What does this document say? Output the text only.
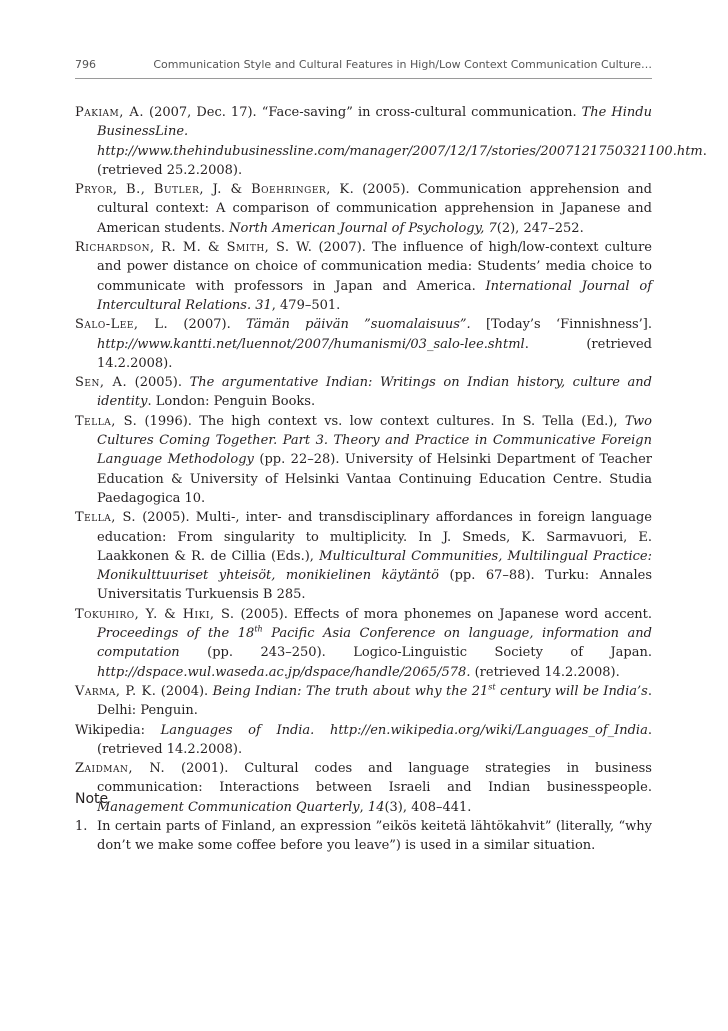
796	Communication Style and Cultural Features in High/Low Context Communication Culture…
Pakiam, A. (2007, Dec. 17). “Face-saving” in cross-cultural communication. The Hindu BusinessLine. http://www.thehindubusinessline.com/manager/2007/12/17/stories/2007121750321100.htm. (retrieved 25.2.2008).
Pryor, B., Butler, J. & Boehringer, K. (2005). Communication apprehension and cultural context: A comparison of communication apprehension in Japanese and American students. North American Journal of Psychology, 7(2), 247–252.
Richardson, R. M. & Smith, S. W. (2007). The influence of high/low-context culture and power distance on choice of communication media: Students’ media choice to communicate with professors in Japan and America. International Journal of Intercultural Relations. 31, 479–501.
Salo-Lee, L. (2007). Tämän päivän ”suomalaisuus”. [Today’s ‘Finnishness’]. http://www.kantti.net/luennot/2007/humanismi/03_salo-lee.shtml. (retrieved 14.2.2008).
Sen, A. (2005). The argumentative Indian: Writings on Indian history, culture and identity. London: Penguin Books.
Tella, S. (1996). The high context vs. low context cultures. In S. Tella (Ed.), Two Cultures Coming Together. Part 3. Theory and Practice in Communicative Foreign Language Methodology (pp. 22–28). University of Helsinki Department of Teacher Education & University of Helsinki Vantaa Continuing Education Centre. Studia Paedagogica 10.
Tella, S. (2005). Multi-, inter- and transdisciplinary affordances in foreign language education: From singularity to multiplicity. In J. Smeds, K. Sarmavuori, E. Laakkonen & R. de Cillia (Eds.), Multicultural Communities, Multilingual Practice: Monikulttuuriset yhteisöt, monikielinen käytäntö (pp. 67–88). Turku: Annales Universitatis Turkuensis B 285.
Tokuhiro, Y. & Hiki, S. (2005). Effects of mora phonemes on Japanese word accent. Proceedings of the 18th Pacific Asia Conference on language, information and computation (pp. 243–250). Logico-Linguistic Society of Japan. http://dspace.wul.waseda.ac.jp/dspace/handle/2065/578. (retrieved 14.2.2008).
Varma, P. K. (2004). Being Indian: The truth about why the 21st century will be India’s. Delhi: Penguin.
Wikipedia: Languages of India. http://en.wikipedia.org/wiki/Languages_of_India. (retrieved 14.2.2008).
Zaidman, N. (2001). Cultural codes and language strategies in business communication: Interactions between Israeli and Indian businesspeople. Management Communication Quarterly, 14(3), 408–441.
Note
1. In certain parts of Finland, an expression ”eikös keitetä lähtökahvit” (literally, “why don’t we make some coffee before you leave”) is used in a similar situation.
